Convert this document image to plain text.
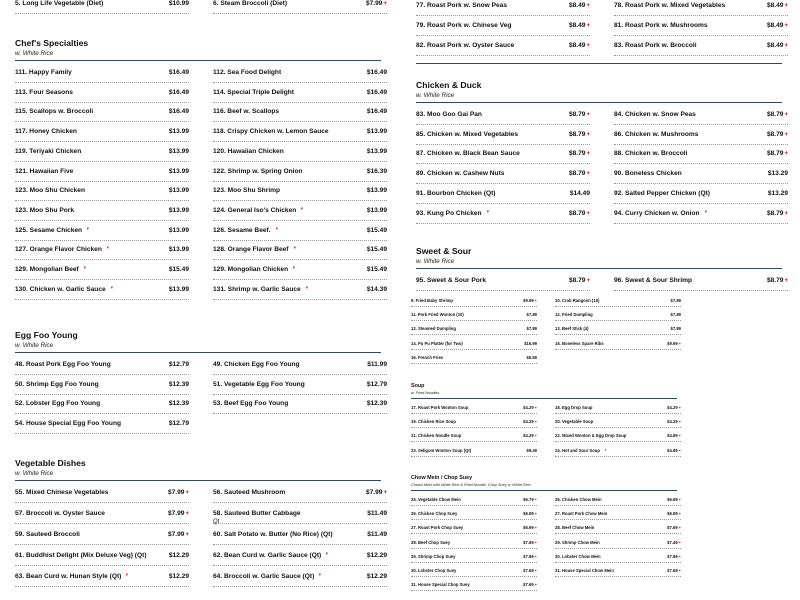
5. Long Life Vegetable (Diet)	$10.99	6. Steam Broccoli (Diet)	$7.99+
Chef's Specialties
w. White Rice
111. Happy Family	$16.49	112. Sea Food Delight	$16.49
113. Four Seasons	$16.49	114. Special Triple Delight	$16.49
115. Scallops w. Broccoli	$16.49	116. Beef w. Scallops	$16.49
117. Honey Chicken	$13.99	118. Crispy Chicken w. Lemon Sauce	$13.99
119. Teriyaki Chicken	$13.99	120. Hawaiian Chicken	$13.99
121. Hawaiian Five	$13.99	122. Shrimp w. Spring Onion	$16.39
123. Moo Shu Chicken	$13.99	123. Moo Shu Shrimp	$13.99
123. Moo Shu Pork	$13.99	124. General Iso's Chicken ❜	$13.99
125. Sesame Chicken ❜	$13.99	126. Sesame Beef. ❜	$15.49
127. Orange Flavor Chicken ❜	$13.99	128. Orange Flavor Beef ❜	$15.49
129. Mongolian Beef ❜	$15.49	129. Mongolian Chicken ❜	$15.49
130. Chicken w. Garlic Sauce ❜	$13.99	131. Shrimp w. Garlic Sauce ❜	$14.39
Egg Foo Young
w. White Rice
48. Roast Pork Egg Foo Young	$12.79	49. Chicken Egg Foo Young	$11.99
50. Shrimp Egg Foo Young	$12.39	51. Vegetable Egg Foo Young	$12.79
52. Lobster Egg Foo Young	$12.39	53. Beef Egg Foo Young	$12.39
54. House Special Egg Foo Young	$12.79
Vegetable Dishes
w. White Rice
55. Mixed Chinese Vegetables	$7.99+	56. Sauteed Mushroom	$7.99+
57. Broccoli w. Oyster Sauce	$7.99+	58. Sauteed Butter Cabbage	$11.49
Qt
59. Sauteed Broccoli	$7.99+	60. Salt Potato w. Butter (No Rice) (Qt)	$11.49
61. Buddhist Delight (Mix Deluxe Veg) (Qt)	$12.29	62. Bean Curd w. Garlic Sauce (Qt) ❜	$12.29
63. Bean Curd w. Hunan Style (Qt) ❜	$12.29	64. Broccoli w. Garlic Sauce (Qt) ❜	$12.29
77. Roast Pork w. Snow Peas	$8.49+	78. Roast Pork w. Mixed Vegetables	$8.49+
79. Roast Pork w. Chinese Veg	$8.49+	81. Roast Pork w. Mushrooms	$8.49+
82. Roast Pork w. Oyster Sauce	$8.49+	83. Roast Pork w. Broccoli	$8.49+
Chicken & Duck
w. White Rice
83. Moo Goo Gai Pan	$8.79+	84. Chicken w. Snow Peas	$8.79+
85. Chicken w. Mixed Vegetables	$8.79+	86. Chicken w. Mushrooms	$8.79+
87. Chicken w. Black Bean Sauce	$8.79+	88. Chicken w. Broccoli	$8.79+
89. Chicken w. Cashew Nuts	$8.79+	90. Boneless Chicken	$13.29
91. Bourbon Chicken (Qt)	$14.49	92. Salted Pepper Chicken (Qt)	$13.29
93. Kung Po Chicken ❜	$8.79+	94. Curry Chicken w. Onion ❜	$8.79+
Sweet & Sour
w. White Rice
95. Sweet & Sour Pork	$8.79+	96. Sweet & Sour Shrimp	$8.79+
9. Fried Baby Shrimp	$9.99+	10. Crab Rangoon (10)	$7.89
11. Pork Fried Wonton (10)	$7.89	12. Fried Dumpling	$7.89
12. Steamed Dumpling	$7.89	13. Beef Stick (4)	$7.89
14. Pu Pu Platter (for Two)	$16.99	15. Boneless Spare Ribs	$9.99+
16. French Fries	$5.59
Soup
w. Fried Noodles
17. Roast Pork Wonton Soup	$4.29+	18. Egg Drop Soup	$4.29+
19. Chicken Rice Soup	$4.29+	20. Vegetable Soup	$4.29+
21. Chicken Noodle Soup	$4.29+	22. Mixed Wonton & Egg Drop Soup	$4.89+
23. Seligum Wonton Soup (Qt)	$9.49	24. Hot and Sour Soup ❜	$4.89+
Chow Mein / Chop Suey
Chown Mein with White Rice & Fried Noodle, Chop Suey w. White Rice
25. Vegetable Chow Mein	$6.79+	26. Chicken Chow Mein	$6.99+
26. Chicken Chop Suey	$6.99+	27. Roast Pork Chow Mein	$6.99+
27. Roast Pork Chop Suey	$6.99+	28. Beef Chow Mein	$7.69+
28. Beef Chop Suey	$7.69+	29. Shrimp Chow Mein	$7.49+
29. Shrimp Chop Suey	$7.69+	30. Lobster Chow Mein	$7.69+
30. Lobster Chop Suey	$7.69+	31. House Special Chow Mein	$7.69+
31. House Special Chop Suey	$7.69+
